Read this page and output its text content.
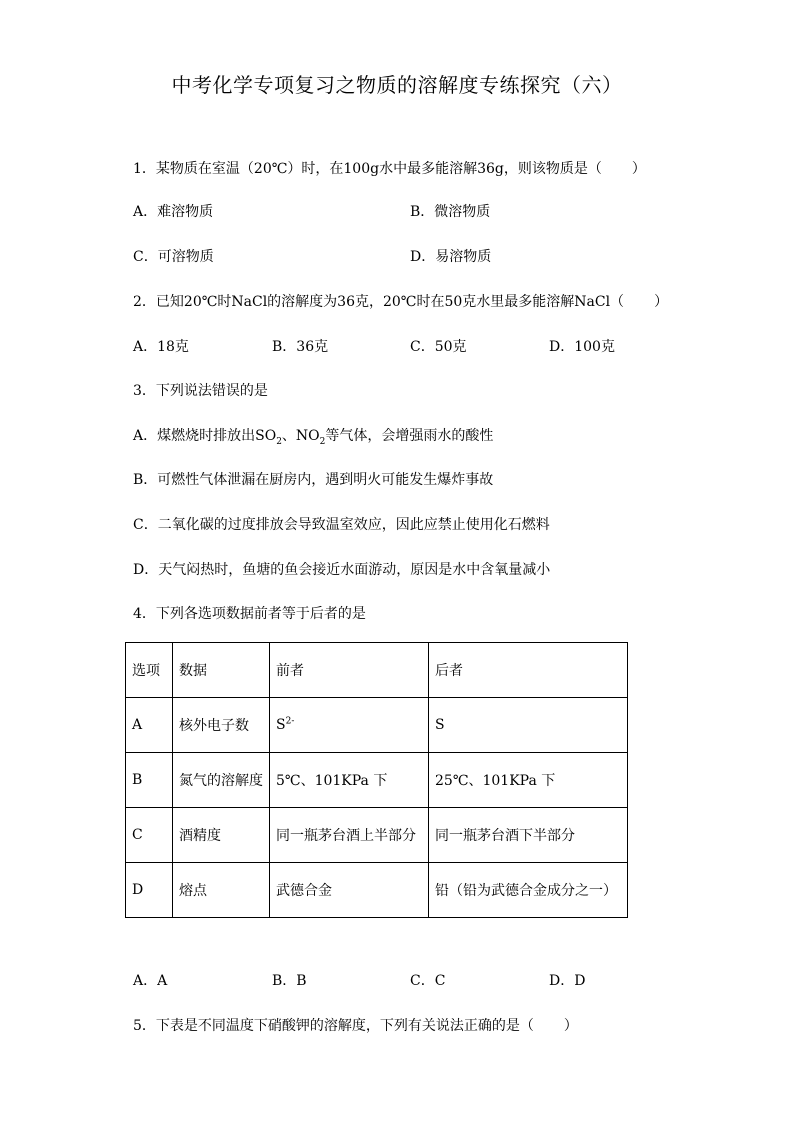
中考化学专项复习之物质的溶解度专练探究（六）
1．某物质在室温（20℃）时，在100g水中最多能溶解36g，则该物质是（ ）
A．难溶物质	B．微溶物质
C．可溶物质	D．易溶物质
2．已知20℃时NaCl的溶解度为36克，20℃时在50克水里最多能溶解NaCl（ ）
A．18克	B．36克	C．50克	D．100克
3．下列说法错误的是
A．煤燃烧时排放出$SO_2$、$NO_2$等气体，会增强雨水的酸性
B．可燃性气体泄漏在厨房内，遇到明火可能发生爆炸事故
C．二氧化碳的过度排放会导致温室效应，因此应禁止使用化石燃料
D．天气闷热时，鱼塘的鱼会接近水面游动，原因是水中含氧量减小
4．下列各选项数据前者等于后者的是
选项	数据	前者	后者
A	核外电子数	$S^{2-}$	S
B	氮气的溶解度	5℃、101KPa 下	25℃、101KPa 下
C	酒精度	同一瓶茅台酒上半部分	同一瓶茅台酒下半部分
D	熔点	武德合金	铅（铅为武德合金成分之一）
A．A	B．B	C．C	D．D
5．下表是不同温度下硝酸钾的溶解度，下列有关说法正确的是（ ）
